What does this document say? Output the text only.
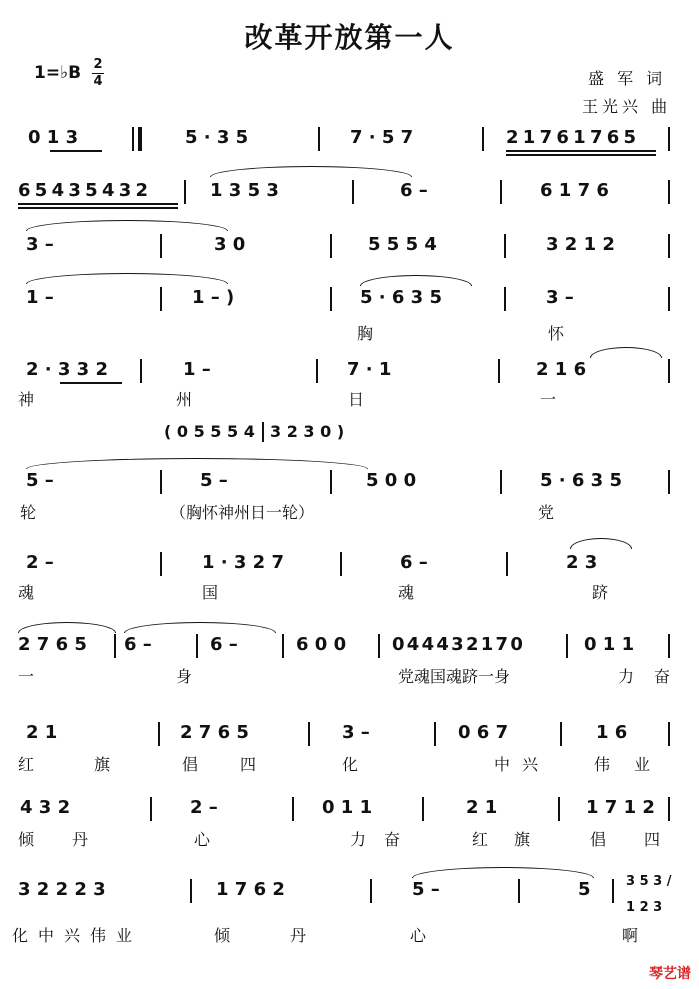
改革开放第一人
1=♭B 2
4	盛 军 词
王光兴 曲
0 1 3	5 · 3 5	7 · 5 7	2 1 7 6 1 7 6 5
6 5 4 3 5 4 3 2	1 3 5 3	6 –	6 1 7 6
3 –	3 0	5 5 5 4	3 2 1 2
1 –	1 – )	5 · 6 3 5	3 –
胸	怀
2 · 3 3 2	1 –	7 · 1	2 1 6
神	州	日	一
( 0 5 5 5 4 3 2 3 0 )
5 –	5 –	5 0 0	5 · 6 3 5
轮	（胸怀神州日一轮）	党
2 –	1 · 3 2 7	6 –	2 3
魂	国	魂	跻
2 7 6 5 6 –	6 –	6 0 0	0 4 4 4 3 2 1 7 0	0 1 1
一	身	党魂国魂跻一身	力 奋
2 1	2 7 6 5	3 –	0 6 7	1 6
红	旗	倡	四	化	中 兴	伟 业
4 3 2	2 –	0 1 1	2 1	1 7 1 2
倾 丹	心	力 奋	红 旗	倡 四
3 2 2 2 3	1 7 6 2	5 –	5	3 5 3 / 1 2 3
化中兴伟业	倾	丹	心	啊
琴艺谱
